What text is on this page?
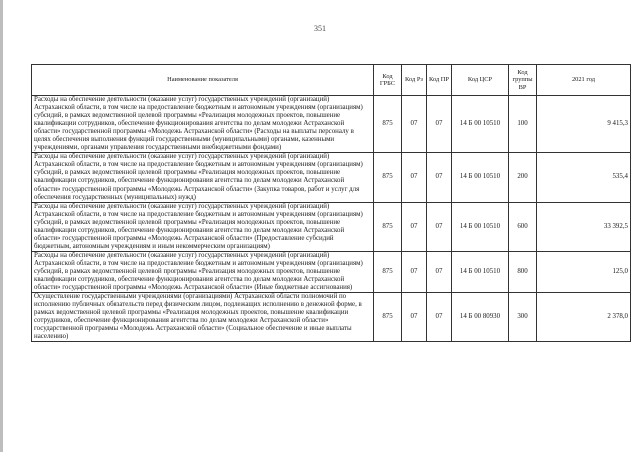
351
Наименование показателя	Код ГРБС	Код Рз	Код ПР	Код ЦСР	Код группы ВР	2021 год
Расходы на обеспечение деятельности (оказание услуг) государственных учреждений (организаций) Астраханской области, в том числе на предоставление бюджетным и автономным учреждениям (организациям) субсидий, в рамках ведомственной целевой программы «Реализация молодежных проектов, повышение квалификации сотрудников, обеспечение функционирования агентства по делам молодежи Астраханской области» государственной программы «Молодежь Астраханской области» (Расходы на выплаты персоналу в целях обеспечения выполнения функций государственными (муниципальными) органами, казенными учреждениями, органами управления государственными внебюджетными фондами)	875	07	07	14 Б 00 10510	100	9 415,3
Расходы на обеспечение деятельности (оказание услуг) государственных учреждений (организаций) Астраханской области, в том числе на предоставление бюджетным и автономным учреждениям (организациям) субсидий, в рамках ведомственной целевой программы «Реализация молодежных проектов, повышение квалификации сотрудников, обеспечение функционирования агентства по делам молодежи Астраханской области» государственной программы «Молодежь Астраханской области» (Закупка товаров, работ и услуг для обеспечения государственных (муниципальных) нужд)	875	07	07	14 Б 00 10510	200	535,4
Расходы на обеспечение деятельности (оказание услуг) государственных учреждений (организаций) Астраханской области, в том числе на предоставление бюджетным и автономным учреждениям (организациям) субсидий, в рамках ведомственной целевой программы «Реализация молодежных проектов, повышение квалификации сотрудников, обеспечение функционирования агентства по делам молодежи Астраханской области» государственной программы «Молодежь Астраханской области» (Предоставление субсидий бюджетным, автономным учреждениям и иным некоммерческим организациям)	875	07	07	14 Б 00 10510	600	33 392,5
Расходы на обеспечение деятельности (оказание услуг) государственных учреждений (организаций) Астраханской области, в том числе на предоставление бюджетным и автономным учреждениям (организациям) субсидий, в рамках ведомственной целевой программы «Реализация молодежных проектов, повышение квалификации сотрудников, обеспечение функционирования агентства по делам молодежи Астраханской области» государственной программы «Молодежь Астраханской области» (Иные бюджетные ассигнования)	875	07	07	14 Б 00 10510	800	125,0
Осуществление государственными учреждениями (организациями) Астраханской области полномочий по исполнению публичных обязательств перед физическим лицом, подлежащих исполнению в денежной форме, в рамках ведомственной целевой программы «Реализация молодежных проектов, повышение квалификации сотрудников, обеспечение функционирования агентства по делам молодежи Астраханской области» государственной программы «Молодежь Астраханской области» (Социальное обеспечение и иные выплаты населению)	875	07	07	14 Б 00 80930	300	2 378,0
